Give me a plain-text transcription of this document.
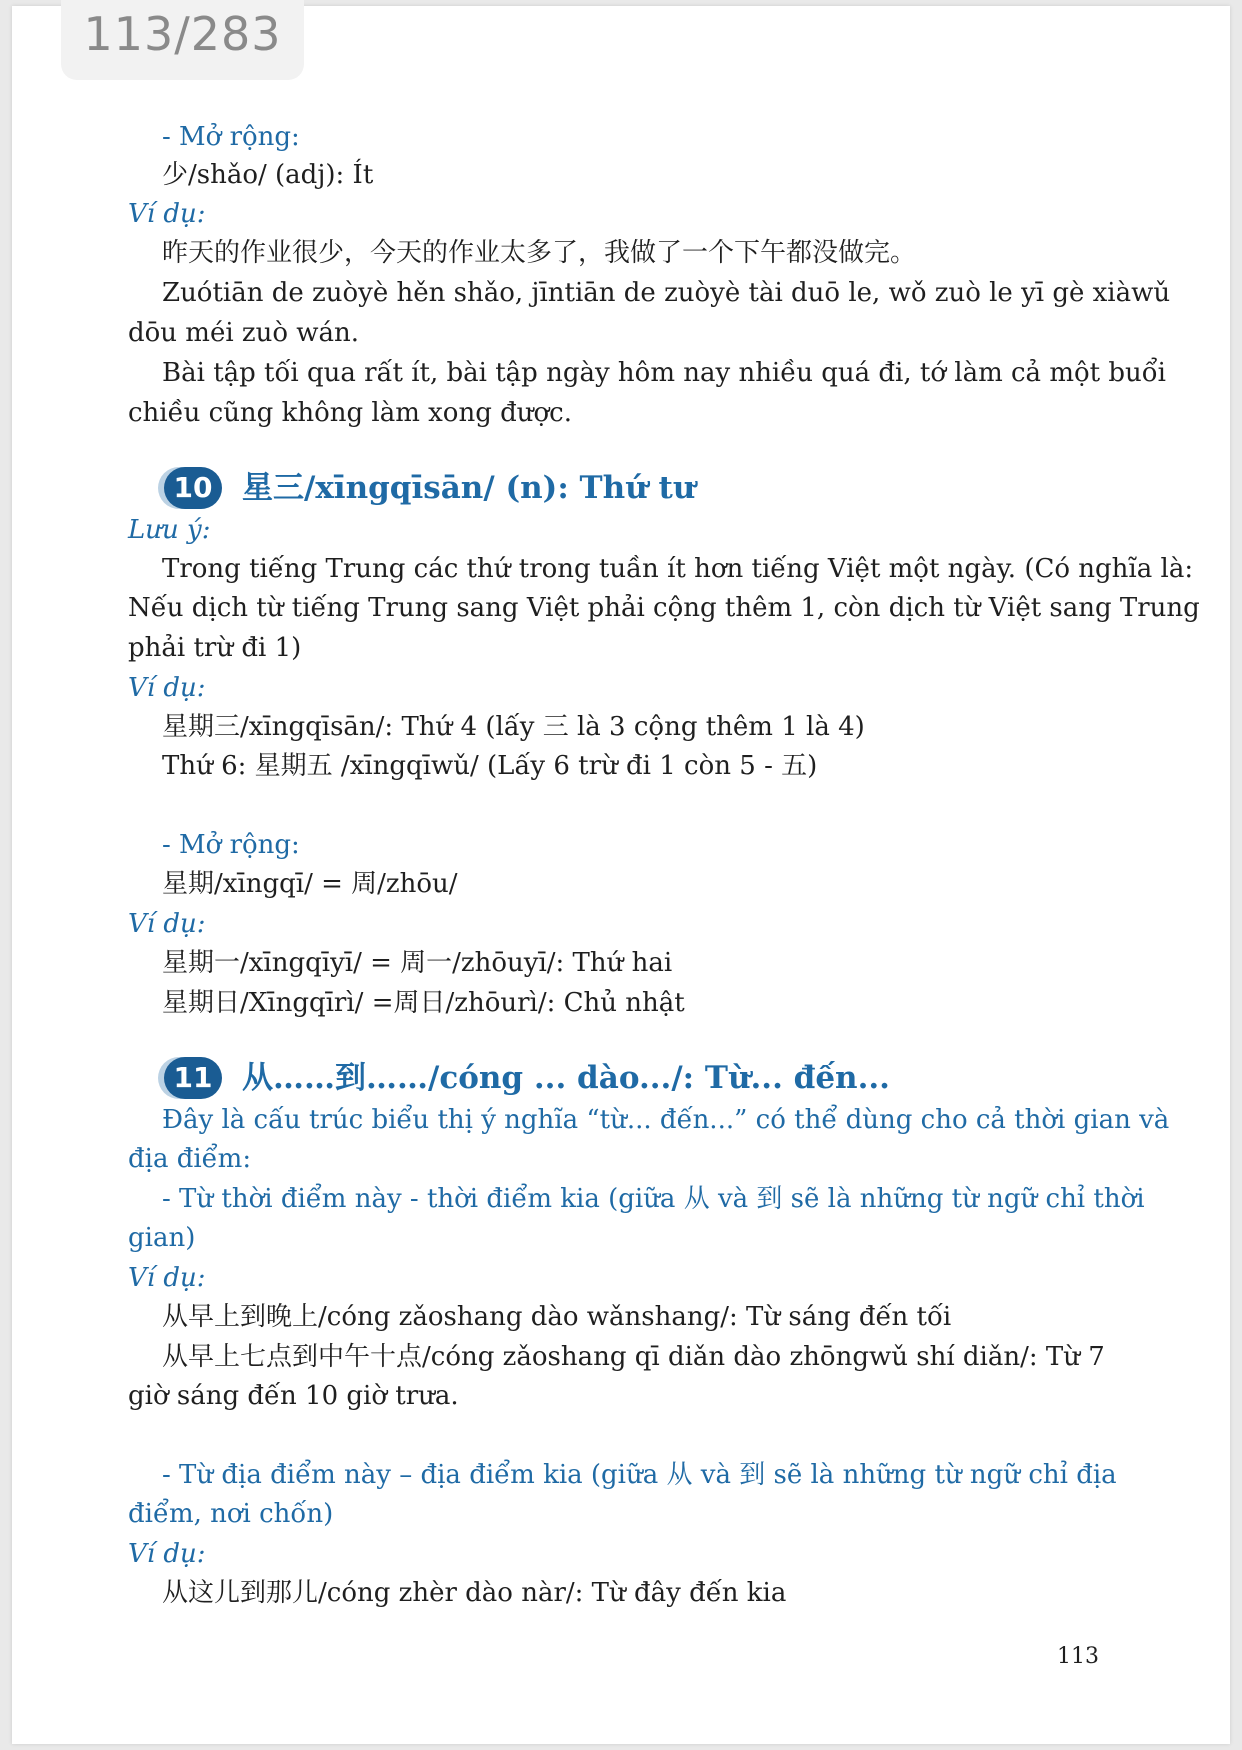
113/283
- Mở rộng:
少/shǎo/ (adj): Ít
Ví dụ:
昨天的作业很少，今天的作业太多了，我做了一个下午都没做完。
Zuótiān de zuòyè hěn shǎo, jīntiān de zuòyè tài duō le, wǒ zuò le yī gè xiàwǔ
dōu méi zuò wán.
Bài tập tối qua rất ít, bài tập ngày hôm nay nhiều quá đi, tớ làm cả một buổi
chiều cũng không làm xong được.
10 星三/xīngqīsān/ (n): Thứ tư
Lưu ý:
Trong tiếng Trung các thứ trong tuần ít hơn tiếng Việt một ngày. (Có nghĩa là:
Nếu dịch từ tiếng Trung sang Việt phải cộng thêm 1, còn dịch từ Việt sang Trung
phải trừ đi 1)
Ví dụ:
星期三/xīngqīsān/: Thứ 4 (lấy 三 là 3 cộng thêm 1 là 4)
Thứ 6: 星期五 /xīngqīwǔ/ (Lấy 6 trừ đi 1 còn 5 - 五)
- Mở rộng:
星期/xīngqī/ = 周/zhōu/
Ví dụ:
星期一/xīngqīyī/ = 周一/zhōuyī/: Thứ hai
星期日/Xīngqīrì/ =周日/zhōurì/: Chủ nhật
11 从……到……/cóng ... dào.../: Từ... đến...
Đây là cấu trúc biểu thị ý nghĩa “từ... đến...” có thể dùng cho cả thời gian và
địa điểm:
- Từ thời điểm này - thời điểm kia (giữa 从 và 到 sẽ là những từ ngữ chỉ thời
gian)
Ví dụ:
从早上到晚上/cóng zǎoshang dào wǎnshang/: Từ sáng đến tối
从早上七点到中午十点/cóng zǎoshang qī diǎn dào zhōngwǔ shí diǎn/: Từ 7
giờ sáng đến 10 giờ trưa.
- Từ địa điểm này – địa điểm kia (giữa 从 và 到 sẽ là những từ ngữ chỉ địa
điểm, nơi chốn)
Ví dụ:
从这儿到那儿/cóng zhèr dào nàr/: Từ đây đến kia
113
